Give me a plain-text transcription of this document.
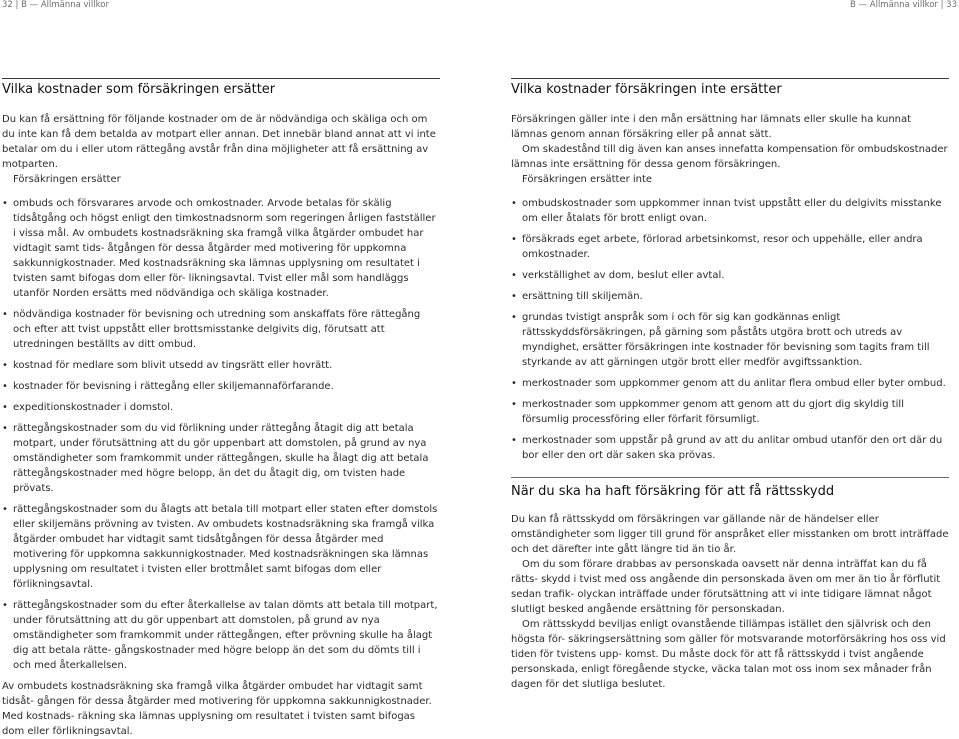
32 | B — Allmänna villkor	B — Allmänna villkor | 33
Vilka kostnader som försäkringen ersätter

Du kan få ersättning för följande kostnader om de är nödvändiga och skäliga och om du inte kan få dem betalda av motpart eller annan. Det innebär bland annat att vi inte betalar om du i eller utom rättegång avstår från dina möjligheter att få ersättning av motparten.

Försäkringen ersätter

• ombuds och försvarares arvode och omkostnader. Arvode betalas för skälig tidsåtgång och högst enligt den timkostnadsnorm som regeringen årligen fastställer i vissa mål. Av ombudets kostnadsräkning ska framgå vilka åtgärder ombudet har vidtagit samt tids- åtgången för dessa åtgärder med motivering för uppkomna sakkunnigkostnader. Med kostnadsräkning ska lämnas upplysning om resultatet i tvisten samt bifogas dom eller för- likningsavtal. Tvist eller mål som handläggs utanför Norden ersätts med nödvändiga och skäliga kostnader.
• nödvändiga kostnader för bevisning och utredning som anskaffats före rättegång och efter att tvist uppstått eller brottsmisstanke delgivits dig, förutsatt att utredningen beställts av ditt ombud.
• kostnad för medlare som blivit utsedd av tingsrätt eller hovrätt.
• kostnader för bevisning i rättegång eller skiljemannaförfarande.
• expeditionskostnader i domstol.
• rättegångskostnader som du vid förlikning under rättegång åtagit dig att betala motpart, under förutsättning att du gör uppenbart att domstolen, på grund av nya omständigheter som framkommit under rättegången, skulle ha ålagt dig att betala rättegångskostnader med högre belopp, än det du åtagit dig, om tvisten hade prövats.
• rättegångskostnader som du ålagts att betala till motpart eller staten efter domstols eller skiljemäns prövning av tvisten. Av ombudets kostnadsräkning ska framgå vilka åtgärder ombudet har vidtagit samt tidsåtgången för dessa åtgärder med motivering för uppkomna sakkunnigkostnader. Med kostnadsräkningen ska lämnas upplysning om resultatet i tvisten eller brottmålet samt bifogas dom eller förlikningsavtal.
• rättegångskostnader som du efter återkallelse av talan dömts att betala till motpart, under förutsättning att du gör uppenbart att domstolen, på grund av nya omständigheter som framkommit under rättegången, efter prövning skulle ha ålagt dig att betala rätte- gångskostnader med högre belopp än det som du dömts till i och med återkallelsen.

Av ombudets kostnadsräkning ska framgå vilka åtgärder ombudet har vidtagit samt tidsåt- gången för dessa åtgärder med motivering för uppkomna sakkunnigkostnader. Med kostnads- räkning ska lämnas upplysning om resultatet i tvisten samt bifogas dom eller förlikningsavtal.

Vilka kostnader försäkringen inte ersätter

Försäkringen gäller inte i den mån ersättning har lämnats eller skulle ha kunnat lämnas genom annan försäkring eller på annat sätt.

Om skadestånd till dig även kan anses innefatta kompensation för ombudskostnader lämnas inte ersättning för dessa genom försäkringen.

Försäkringen ersätter inte

• ombudskostnader som uppkommer innan tvist uppstått eller du delgivits misstanke om eller åtalats för brott enligt ovan.
• försäkrads eget arbete, förlorad arbetsinkomst, resor och uppehälle, eller andra omkostnader.
• verkställighet av dom, beslut eller avtal.
• ersättning till skiljemän.
• grundas tvistigt anspråk som i och för sig kan godkännas enligt rättsskyddsförsäkringen, på gärning som påståts utgöra brott och utreds av myndighet, ersätter försäkringen inte kostnader för bevisning som tagits fram till styrkande av att gärningen utgör brott eller medför avgiftssanktion.
• merkostnader som uppkommer genom att du anlitar flera ombud eller byter ombud.
• merkostnader som uppkommer genom att genom att du gjort dig skyldig till försumlig processföring eller förfarit försumligt.
• merkostnader som uppstår på grund av att du anlitar ombud utanför den ort där du bor eller den ort där saken ska prövas.
När du ska ha haft försäkring för att få rättsskydd

Du kan få rättsskydd om försäkringen var gällande när de händelser eller omständigheter som ligger till grund för anspråket eller misstanken om brott inträffade och det därefter inte gått längre tid än tio år.

Om du som förare drabbas av personskada oavsett när denna inträffat kan du få rätts- skydd i tvist med oss angående din personskada även om mer än tio år förflutit sedan trafik- olyckan inträffade under förutsättning att vi inte tidigare lämnat något slutligt besked angående ersättning för personskadan.

Om rättsskydd beviljas enligt ovanstående tillämpas istället den självrisk och den högsta för- säkringsersättning som gäller för motsvarande motorförsäkring hos oss vid tiden för tvistens upp- komst. Du måste dock för att få rättsskydd i tvist angående personskada, enligt föregående stycke, väcka talan mot oss inom sex månader från dagen för det slutliga beslutet.
